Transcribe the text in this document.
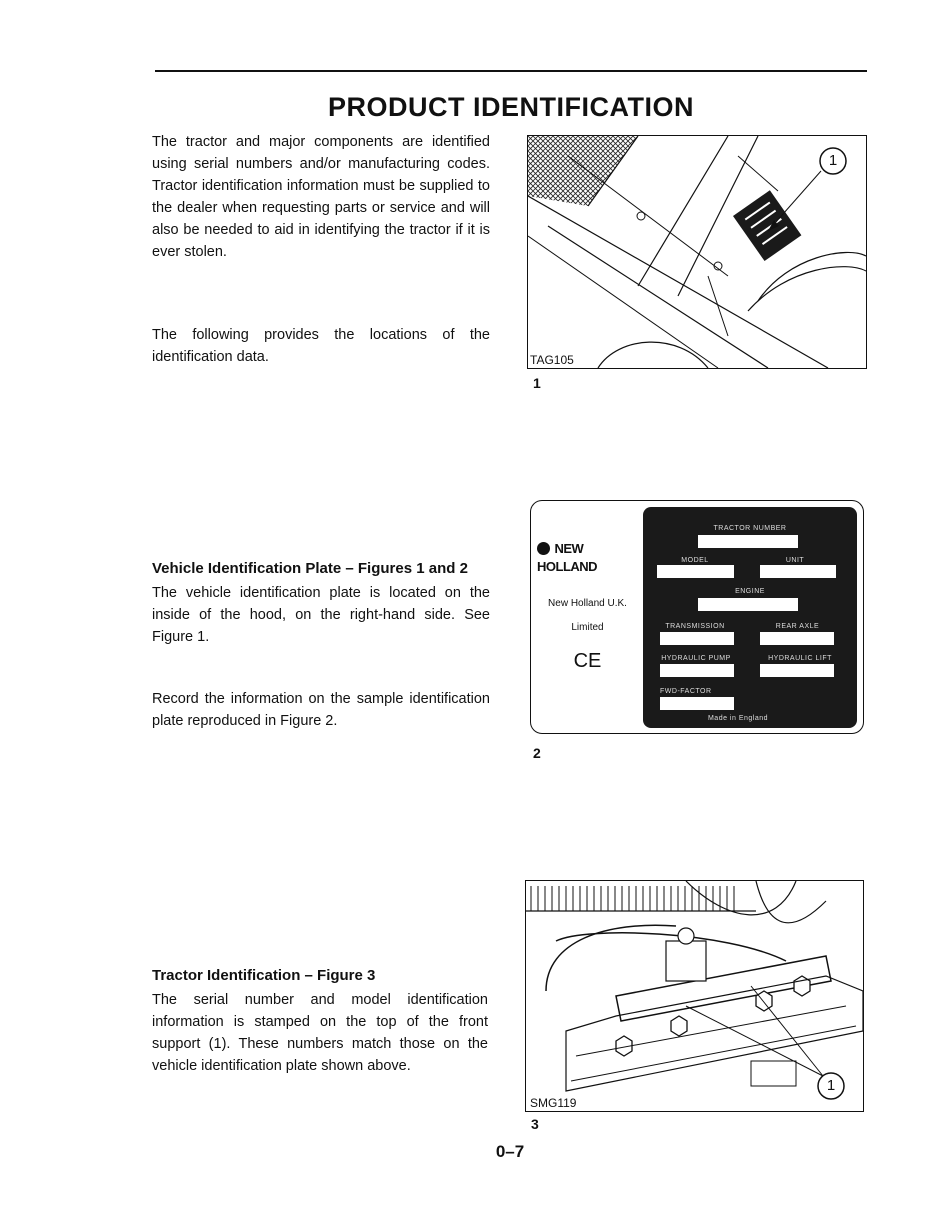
PRODUCT IDENTIFICATION
The tractor and major components are identified using serial numbers and/or manufacturing codes. Tractor identification information must be supplied to the dealer when requesting parts or service and will also be needed to aid in identifying the tractor if it is ever stolen.
The following provides the locations of the identification data.
1
TAG105
1
Vehicle Identification Plate – Figures 1 and 2
The vehicle identification plate is located on the inside of the hood, on the right-hand side. See Figure 1.
Record the information on the sample identification plate reproduced in Figure 2.
NEW HOLLAND
New Holland U.K.
Limited
CE
TRACTOR NUMBER
MODEL	UNIT
ENGINE
TRANSMISSION	REAR AXLE
HYDRAULIC PUMP	HYDRAULIC LIFT
FWD-FACTOR
Made in England
2
Tractor Identification – Figure 3
The serial number and model identification information is stamped on the top of the front support (1). These numbers match those on the vehicle identification plate shown above.
1
SMG119
3
0–7
